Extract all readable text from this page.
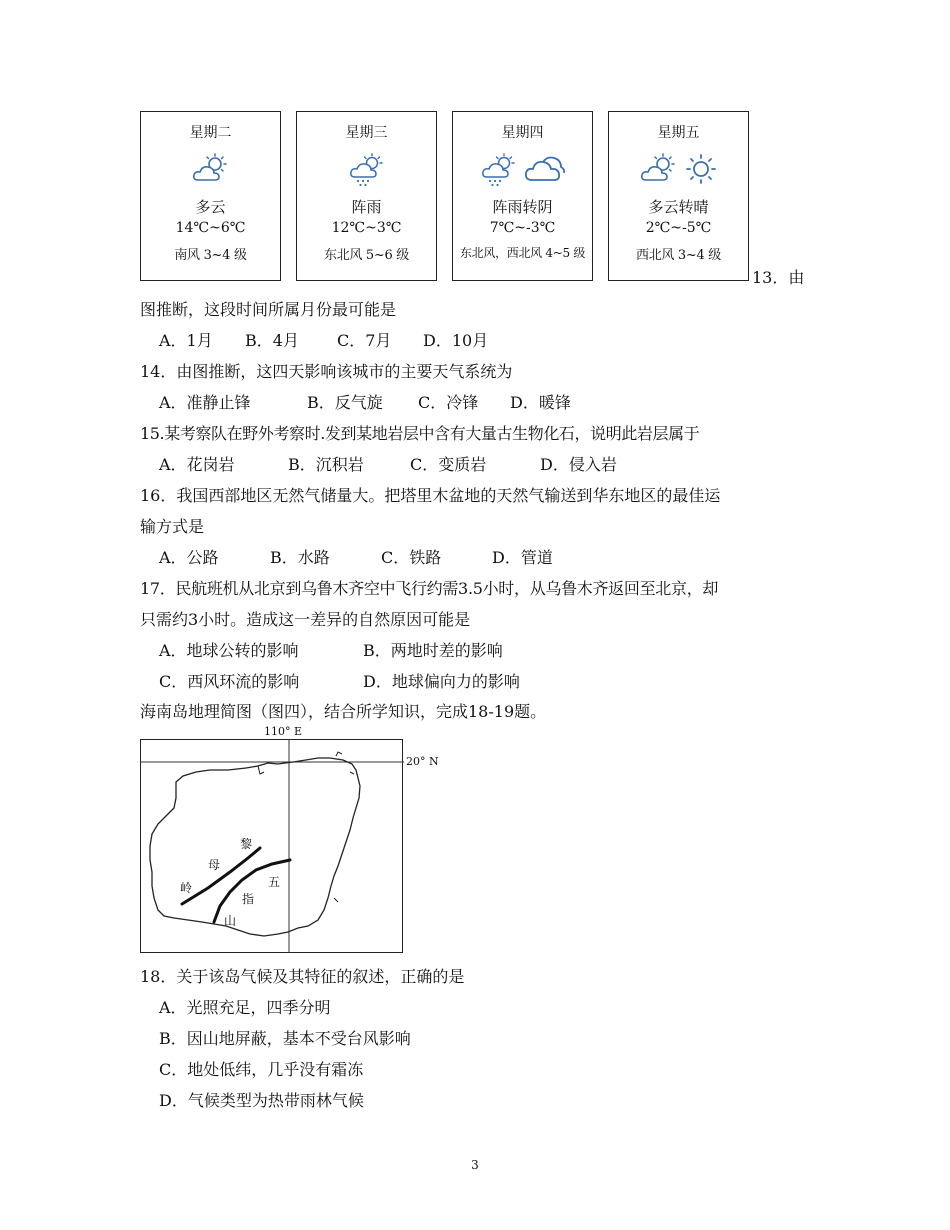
星期二
多云
14℃~6℃
南风 3~4 级
星期三
阵雨
12℃~3℃
东北风 5~6 级
星期四
阵雨转阴
7℃~-3℃
东北风，西北风 4~5 级
星期五
多云转晴
2℃~-5℃
西北风 3~4 级
13．由
图推断，这段时间所属月份最可能是
A．1月 B．4月 C．7月 D．10月
14．由图推断，这四天影响该城市的主要天气系统为
A．准静止锋	B．反气旋 C．冷锋 D．暖锋
15.某考察队在野外考察时.发到某地岩层中含有大量古生物化石，说明此岩层属于
A．花岗岩	B．沉积岩	C．变质岩	D．侵入岩
16．我国西部地区无然气储量大。把塔里木盆地的天然气输送到华东地区的最佳运
输方式是
A．公路	B．水路	C．铁路	D．管道
17．民航班机从北京到乌鲁木齐空中飞行约需3.5小时，从乌鲁木齐返回至北京，却
只需约3小时。造成这一差异的自然原因可能是
A．地球公转的影响	B．两地时差的影响
C．西风环流的影响	D．地球偏向力的影响
海南岛地理简图（图四），结合所学知识，完成18-19题。
110° E
20° N
黎
母
岭	五
指
山
18．关于该岛气候及其特征的叙述，正确的是
A．光照充足，四季分明
B．因山地屏蔽，基本不受台风影响
C．地处低纬，几乎没有霜冻
D．气候类型为热带雨林气候
3
